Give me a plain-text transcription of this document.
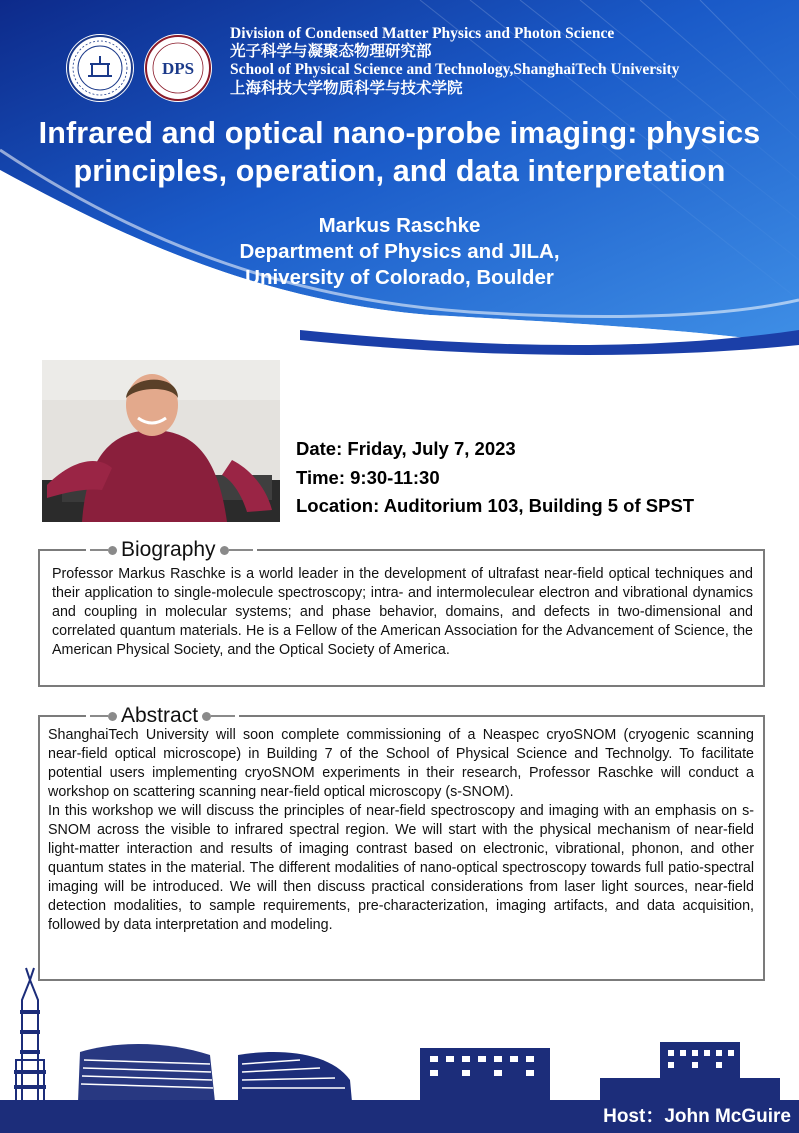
DPS
Division of Condensed Matter Physics and Photon Science
光子科学与凝聚态物理研究部
School of Physical Science and Technology,ShanghaiTech University
上海科技大学物质科学与技术学院
Infrared and optical nano-probe imaging: physics
principles, operation, and data interpretation
Markus Raschke
Department of Physics and JILA,
University of Colorado, Boulder
Date: Friday, July 7, 2023
Time: 9:30-11:30
Location: Auditorium 103, Building 5 of SPST
Biography
Professor Markus Raschke is a world leader in the development of ultrafast near-field optical techniques and their application to single-molecule spectroscopy; intra- and intermoleculear electron and vibrational dynamics and coupling in molecular systems; and phase behavior, domains, and defects in two-dimensional and correlated quantum materials. He is a Fellow of the American Association for the Advancement of Science, the American Physical Society, and the Optical Society of America.
Abstract
ShanghaiTech University will soon complete commissioning of a Neaspec cryoSNOM (cryogenic scanning near-field optical microscope) in Building 7 of the School of Physical Science and Technolgy. To facilitate potential users implementing cryoSNOM experiments in their research, Professor Raschke will conduct a workshop on scattering scanning near-field optical microscopy (s-SNOM).
In this workshop we will discuss the principles of near-field spectroscopy and imaging with an emphasis on s-SNOM across the visible to infrared spectral region. We will start with the physical mechanism of near-field light-matter interaction and results of imaging contrast based on electronic, vibrational, phonon, and other quantum states in the material. The different modalities of nano-optical spectroscopy towards full patio-spectral imaging will be introduced. We will then discuss practical considerations from laser light sources, near-field detection modalities, to sample requirements, pre-characterization, imaging artifacts, and data acquisition, followed by data interpretation and modeling.
Host：John McGuire
